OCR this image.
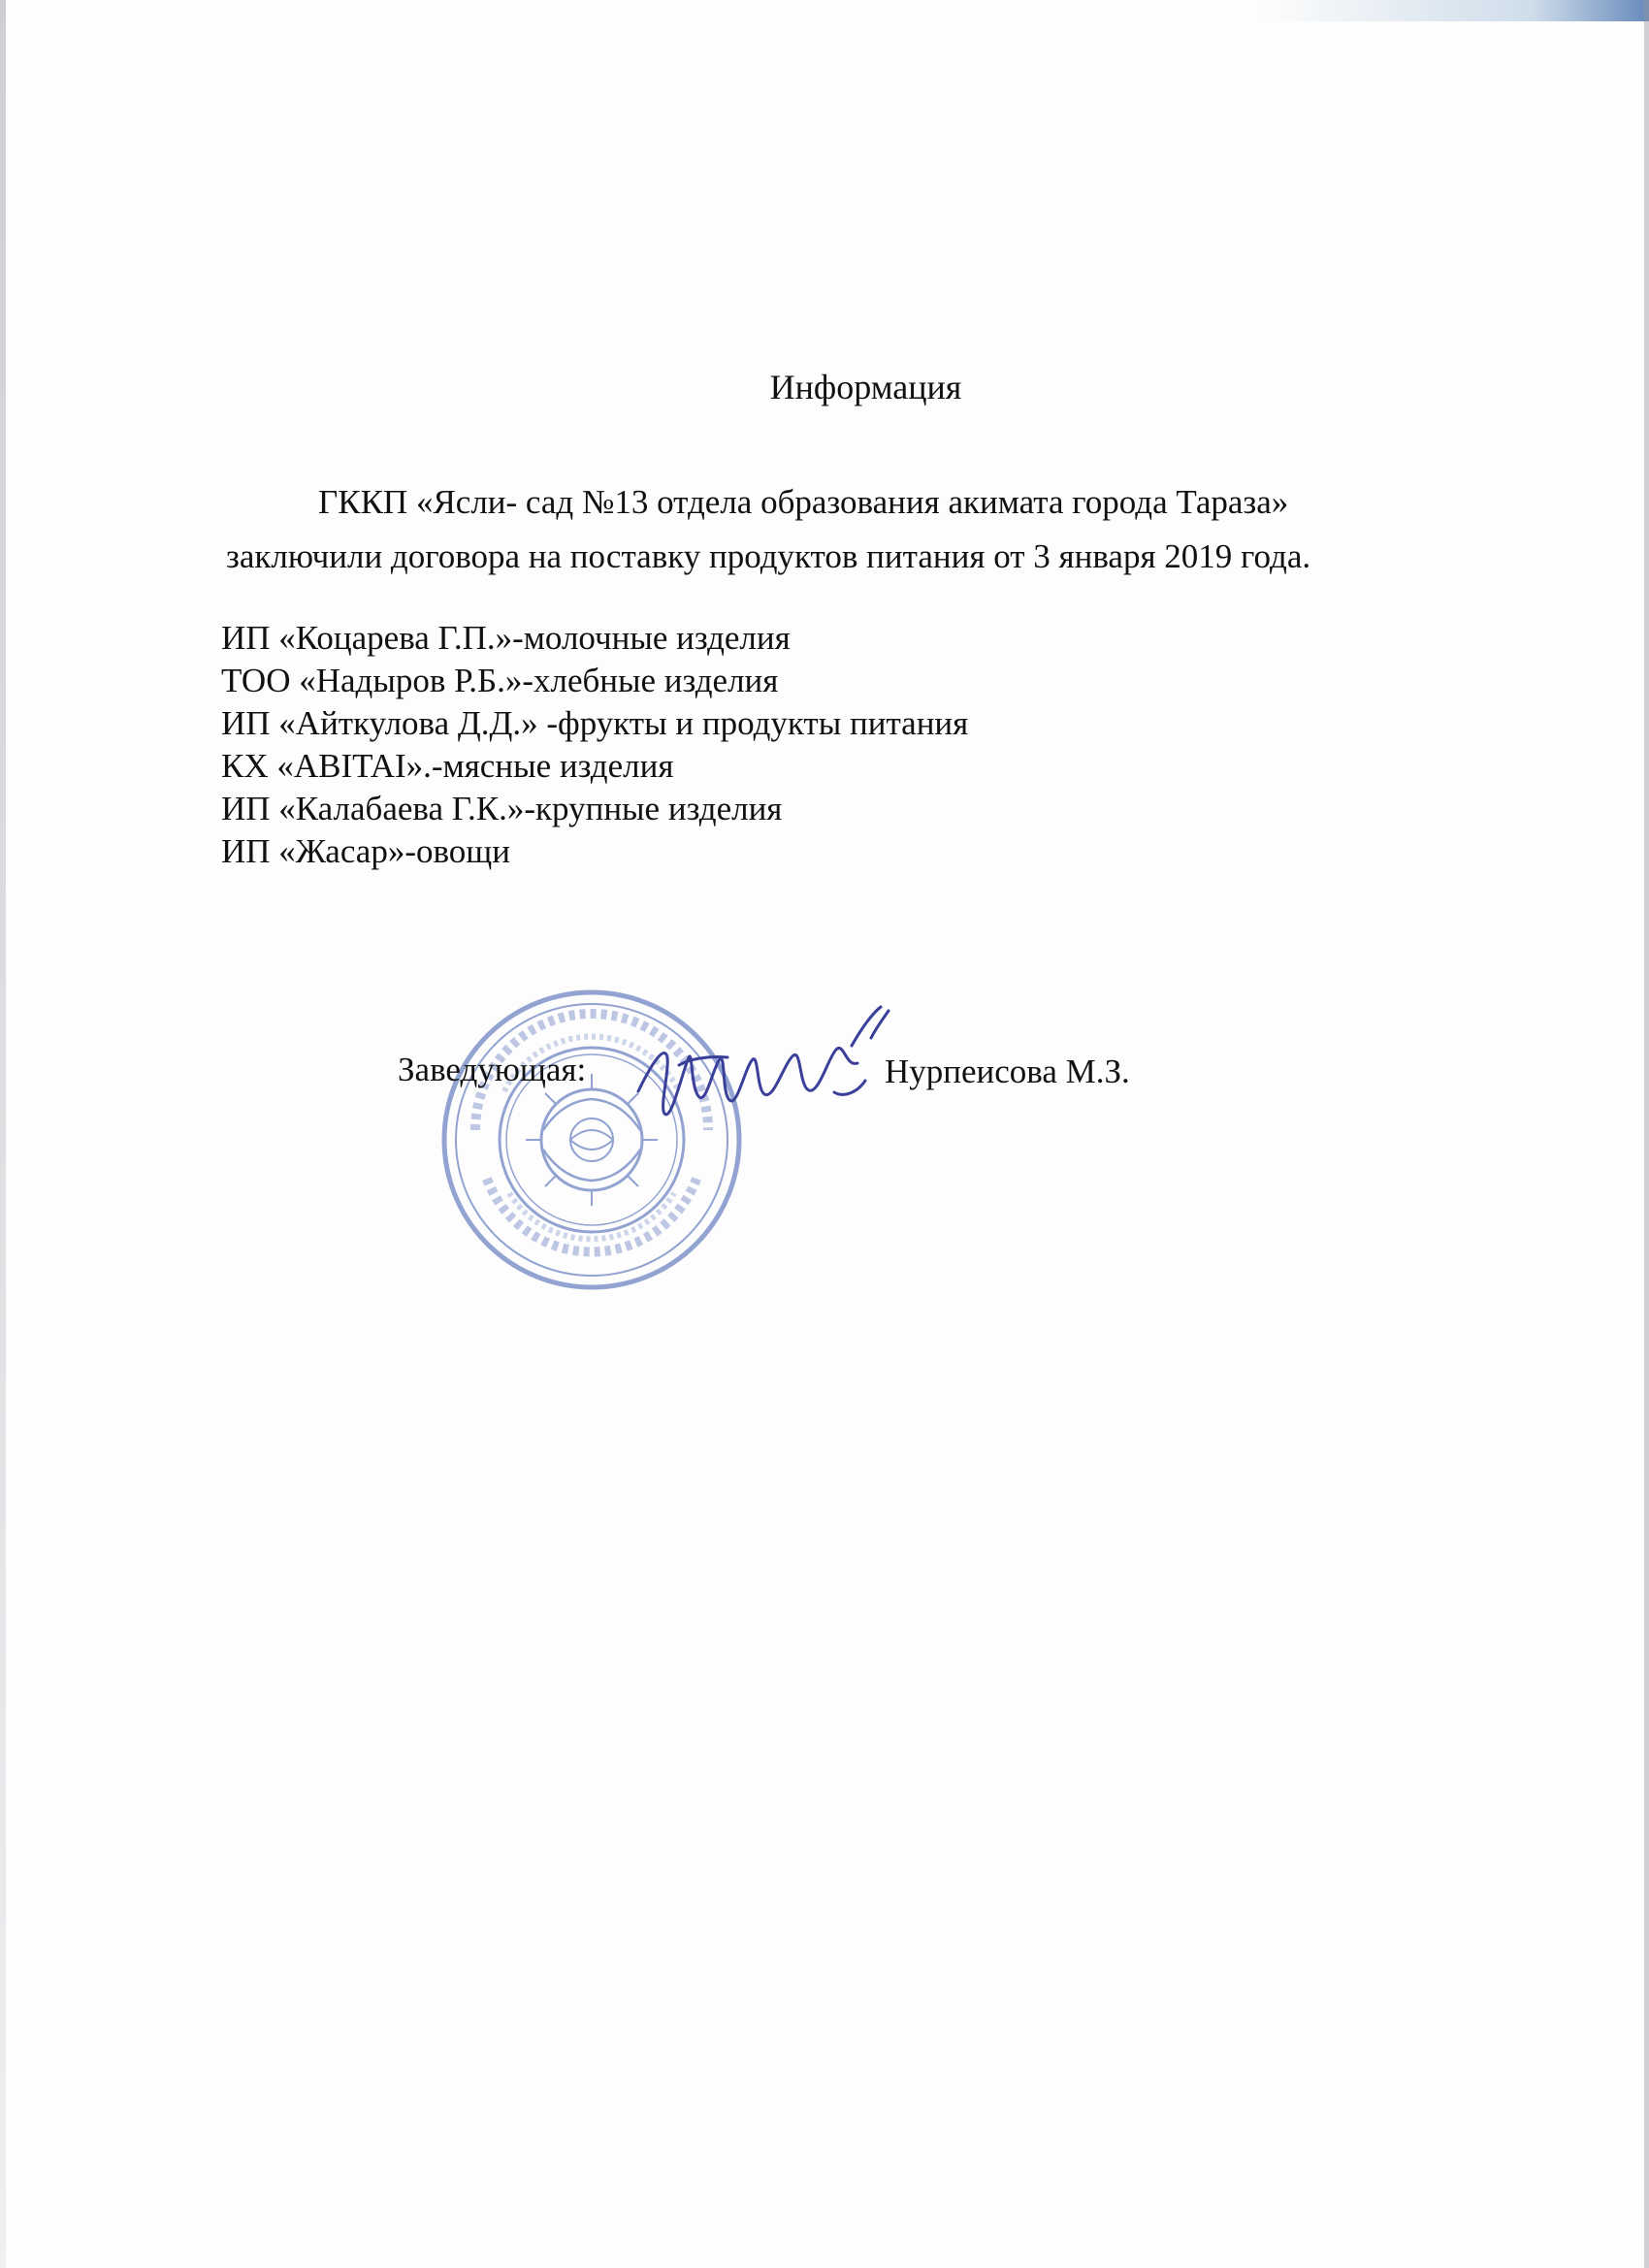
Информация

ГККП «Ясли- сад №13 отдела образования акимата города Тараза»

заключили договора на поставку продуктов питания от 3 января 2019 года.

ИП «Коцарева Г.П.»-молочные изделия
ТОО «Надыров Р.Б.»-хлебные изделия
ИП «Айткулова Д.Д.» -фрукты и продукты питания
КХ «ABITAI».-мясные изделия
ИП «Калабаева Г.К.»-крупные изделия
ИП «Жасар»-овощи
Заведующая:	Нурпеисова М.З.
